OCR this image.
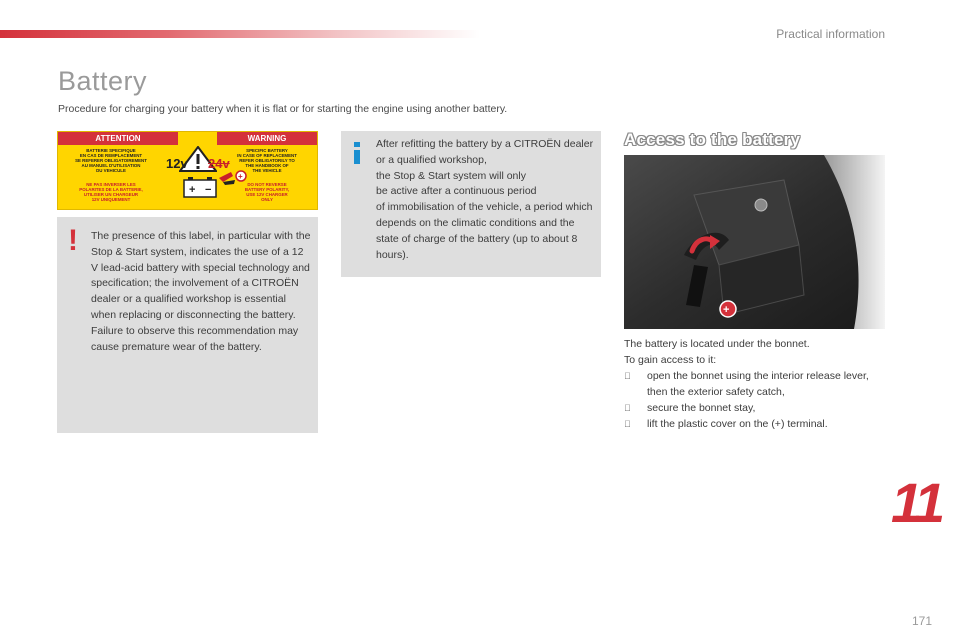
Practical information
Battery
Procedure for charging your battery when it is flat or for starting the engine using another battery.
ATTENTION	WARNING
BATTERIE SPECIFIQUE
EN CAS DE REMPLACEMENT
SE REFERER OBLIGATOIREMENT
AU MANUEL D'UTILISATION
DU VEHICULE
SPECIFIC BATTERY
IN CASE OF REPLACEMENT
REFER OBLIGATORILY TO
THE HANDBOOK OF
THE VEHICLE
NE PAS INVERSER LES
POLARITES DE LA BATTERIE,
UTILISER UN CHARGEUR
12V UNIQUEMENT
DO NOT REVERSE
BATTERY POLARITY,
USE 12V CHARGER
ONLY
12v 24v
+ −
+
! The presence of this label, in particular with the Stop & Start system, indicates the use of a 12 V lead-acid battery with special technology and specification; the involvement of a CITROËN dealer or a qualified workshop is essential when replacing or disconnecting the battery.
Failure to observe this recommendation may cause premature wear of the battery.

After refitting the battery by a CITROËN dealer or a qualified workshop,
the Stop & Start system will only
be active after a continuous period
of immobilisation of the vehicle, a period which depends on the climatic conditions and the state of charge of the battery (up to about 8 hours).

Access to the battery
+

The battery is located under the bonnet.

To gain access to it:

open the bonnet using the interior release lever, then the exterior safety catch,
secure the bonnet stay,
lift the plastic cover on the (+) terminal.
11
171
